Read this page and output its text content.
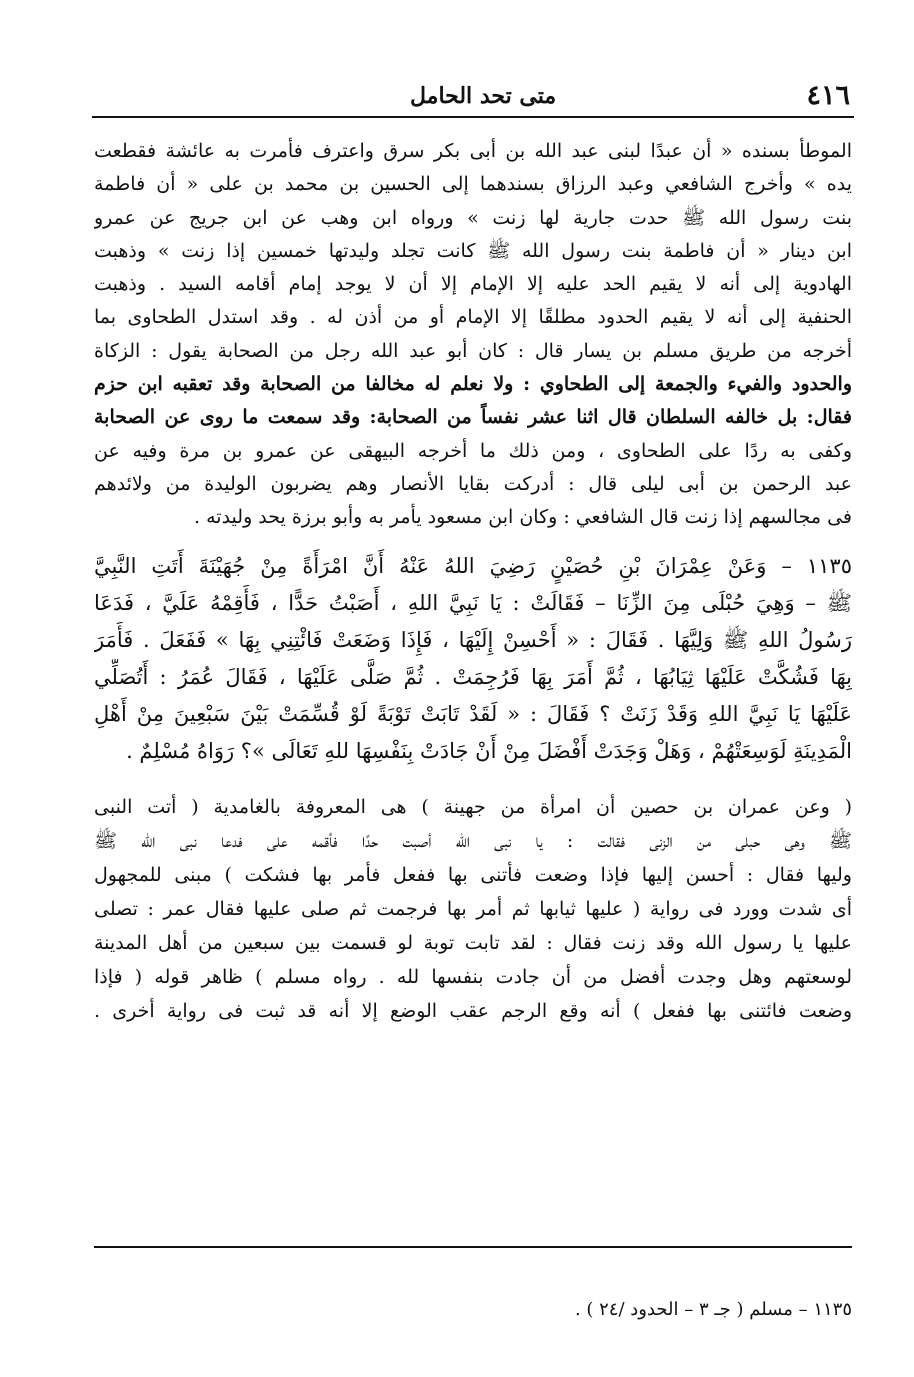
٤١٦
متى تحد الحامل

الموطأ بسنده « أن عبدًا لبنى عبد الله بن أبى بكر سرق واعترف فأمرت به عائشة فقطعت
يده » وأخرج الشافعي وعبد الرزاق بسندهما إلى الحسين بن محمد بن على « أن فاطمة
بنت رسول الله ﷺ حدت جارية لها زنت » ورواه ابن وهب عن ابن جريج عن عمرو
ابن دينار « أن فاطمة بنت رسول الله ﷺ كانت تجلد وليدتها خمسين إذا زنت » وذهبت
الهادوية إلى أنه لا يقيم الحد عليه إلا الإمام إلا أن لا يوجد إمام أقامه السيد . وذهبت
الحنفية إلى أنه لا يقيم الحدود مطلقًا إلا الإمام أو من أذن له . وقد استدل الطحاوى بما
أخرجه من طريق مسلم بن يسار قال : كان أبو عبد الله رجل من الصحابة يقول : الزكاة
والحدود والفيء والجمعة إلى الطحاوي : ولا نعلم له مخالفا من الصحابة وقد تعقبه ابن حزم
فقال: بل خالفه السلطان قال اثنا عشر نفساً من الصحابة: وقد سمعت ما روى عن الصحابة
وكفى به ردًا على الطحاوى ، ومن ذلك ما أخرجه البيهقى عن عمرو بن مرة وفيه عن
عبد الرحمن بن أبى ليلى قال : أدركت بقايا الأنصار وهم يضربون الوليدة من ولائدهم
فى مجالسهم إذا زنت قال الشافعي : وكان ابن مسعود يأمر به وأبو برزة يحد وليدته .

١١٣٥ – وَعَنْ عِمْرَانَ بْنِ حُصَيْنٍ رَضِيَ اللهُ عَنْهُ أَنَّ امْرَأَةً مِنْ جُهَيْنَةَ أَتَتِ النَّبِيَّ
ﷺ – وَهِيَ حُبْلَى مِنَ الزِّنَا – فَقَالَتْ : يَا نَبِيَّ اللهِ ، أَصَبْتُ حَدًّا ، فَأَقِمْهُ عَلَيَّ ، فَدَعَا
رَسُولُ اللهِ ﷺ وَلِيَّهَا . فَقَالَ : « أَحْسِنْ إِلَيْهَا ، فَإِذَا وَضَعَتْ فَائْتِنِي بِهَا » فَفَعَلَ . فَأَمَرَ
بِهَا فَشُكَّتْ عَلَيْهَا ثِيَابُهَا ، ثُمَّ أَمَرَ بِهَا فَرُجِمَتْ . ثُمَّ صَلَّى عَلَيْهَا ، فَقَالَ عُمَرُ : أَتُصَلِّي
عَلَيْهَا يَا نَبِيَّ اللهِ وَقَدْ زَنَتْ ؟ فَقَالَ : « لَقَدْ تَابَتْ تَوْبَةً لَوْ قُسِّمَتْ بَيْنَ سَبْعِينَ مِنْ أَهْلِ
الْمَدِينَةِ لَوَسِعَتْهُمْ ، وَهَلْ وَجَدَتْ أَفْضَلَ مِنْ أَنْ جَادَتْ بِنَفْسِهَا للهِ تَعَالَى »؟ رَوَاهُ مُسْلِمٌ .

( وعن عمران بن حصين أن امرأة من جهينة ) هى المعروفة بالغامدية ( أتت النبى
ﷺ وهى حبلى من الزنى فقالت : يا نبى الله أصبت حدًا فأقمه على فدعا نبى الله ﷺ
وليها فقال : أحسن إليها فإذا وضعت فأتنى بها ففعل فأمر بها فشكت ) مبنى للمجهول
أى شدت وورد فى رواية ( عليها ثيابها ثم أمر بها فرجمت ثم صلى عليها فقال عمر : تصلى
عليها يا رسول الله وقد زنت فقال : لقد تابت توبة لو قسمت بين سبعين من أهل المدينة
لوسعتهم وهل وجدت أفضل من أن جادت بنفسها لله . رواه مسلم ) ظاهر قوله ( فإذا
وضعت فائتنى بها ففعل ) أنه وقع الرجم عقب الوضع إلا أنه قد ثبت فى رواية أخرى .

١١٣٥ – مسلم ( جـ ٣ – الحدود /٢٤ ) .
